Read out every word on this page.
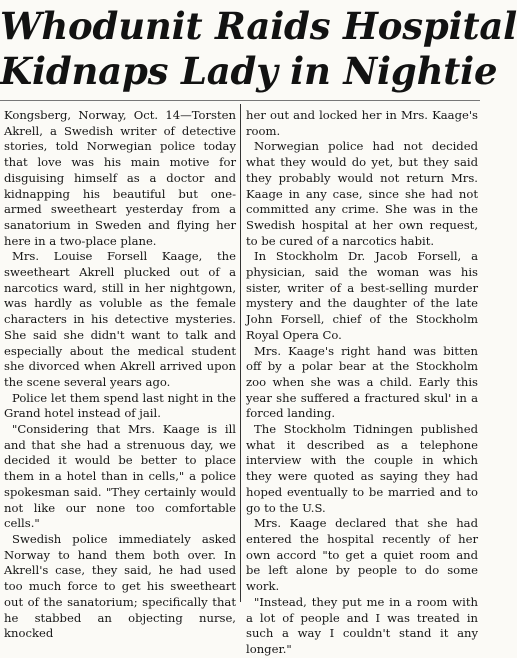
Whodunit Raids Hospital
Kidnaps Lady in Nightie

Kongsberg, Norway, Oct. 14—Torsten Akrell, a Swedish writer of detective stories, told Norwegian police today that love was his main motive for disguising himself as a doctor and kidnapping his beautiful but one-armed sweetheart yesterday from a sanatorium in Sweden and flying her here in a two-place plane.

Mrs. Louise Forsell Kaage, the sweetheart Akrell plucked out of a narcotics ward, still in her nightgown, was hardly as voluble as the female characters in his detective mysteries. She said she didn't want to talk and especially about the medical student she divorced when Akrell arrived upon the scene several years ago.

Police let them spend last night in the Grand hotel instead of jail.

"Considering that Mrs. Kaage is ill and that she had a strenuous day, we decided it would be better to place them in a hotel than in cells," a police spokesman said. "They certainly would not like our none too comfortable cells."

Swedish police immediately asked Norway to hand them both over. In Akrell's case, they said, he had used too much force to get his sweetheart out of the sanatorium; specifically that he stabbed an objecting nurse, knocked

her out and locked her in Mrs. Kaage's room.

Norwegian police had not decided what they would do yet, but they said they probably would not return Mrs. Kaage in any case, since she had not committed any crime. She was in the Swedish hospital at her own request, to be cured of a narcotics habit.

In Stockholm Dr. Jacob Forsell, a physician, said the woman was his sister, writer of a best-selling murder mystery and the daughter of the late John Forsell, chief of the Stockholm Royal Opera Co.

Mrs. Kaage's right hand was bitten off by a polar bear at the Stockholm zoo when she was a child. Early this year she suffered a fractured skul' in a forced landing.

The Stockholm Tidningen published what it described as a telephone interview with the couple in which they were quoted as saying they had hoped eventually to be married and to go to the U.S.

Mrs. Kaage declared that she had entered the hospital recently of her own accord "to get a quiet room and be left alone by people to do some work.

"Instead, they put me in a room with a lot of people and I was treated in such a way I couldn't stand it any longer."
